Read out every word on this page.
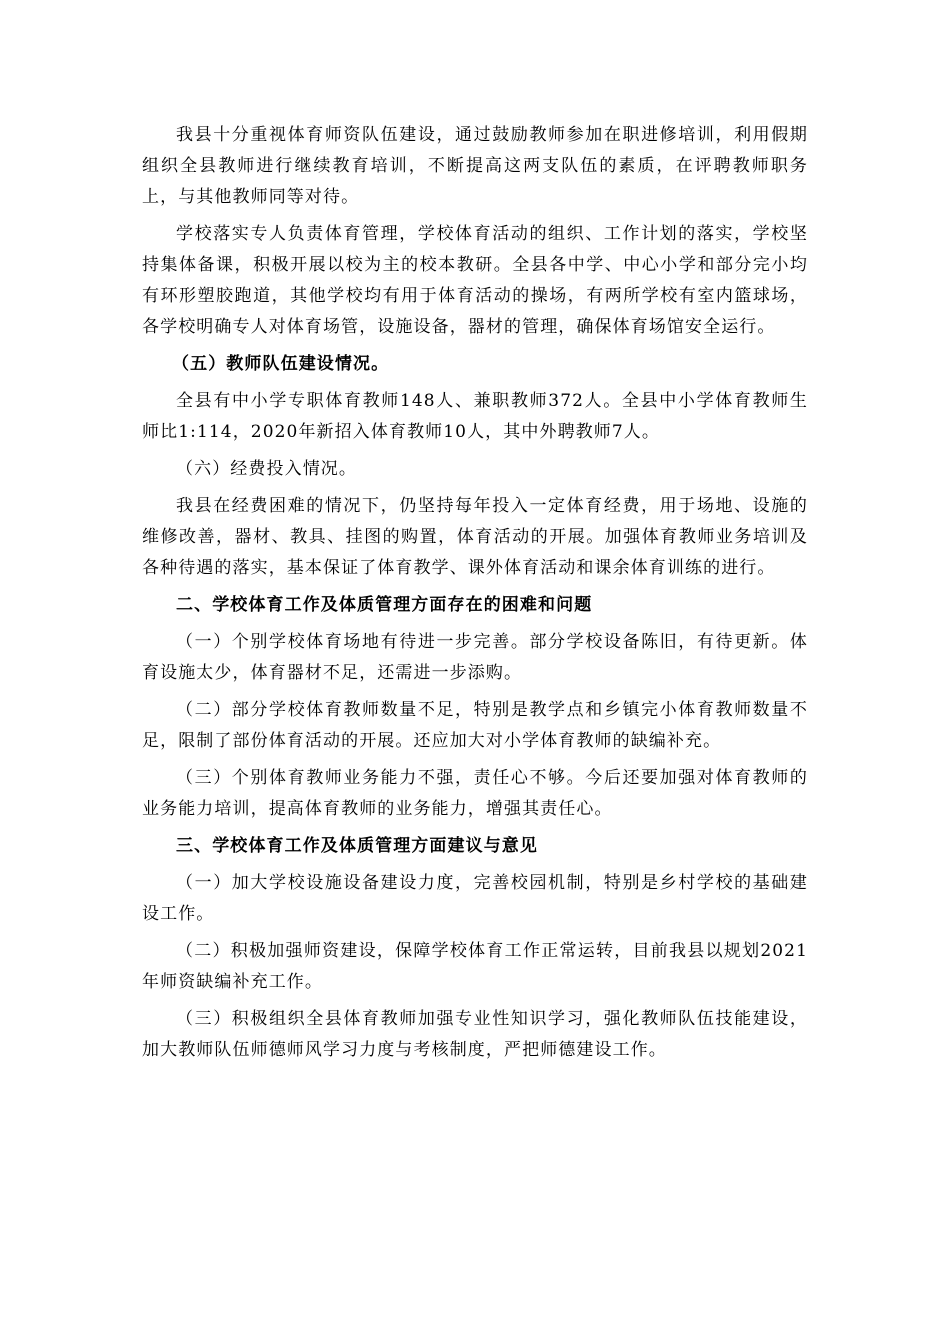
我县十分重视体育师资队伍建设，通过鼓励教师参加在职进修培训，利用假期组织全县教师进行继续教育培训，不断提高这两支队伍的素质，在评聘教师职务上，与其他教师同等对待。

学校落实专人负责体育管理，学校体育活动的组织、工作计划的落实，学校坚持集体备课，积极开展以校为主的校本教研。全县各中学、中心小学和部分完小均有环形塑胶跑道，其他学校均有用于体育活动的操场，有两所学校有室内篮球场，各学校明确专人对体育场管，设施设备，器材的管理，确保体育场馆安全运行。

（五）教师队伍建设情况。

全县有中小学专职体育教师148人、兼职教师372人。全县中小学体育教师生师比1:114，2020年新招入体育教师10人，其中外聘教师7人。

（六）经费投入情况。

我县在经费困难的情况下，仍坚持每年投入一定体育经费，用于场地、设施的维修改善，器材、教具、挂图的购置，体育活动的开展。加强体育教师业务培训及各种待遇的落实，基本保证了体育教学、课外体育活动和课余体育训练的进行。

二、学校体育工作及体质管理方面存在的困难和问题

（一）个别学校体育场地有待进一步完善。部分学校设备陈旧，有待更新。体育设施太少，体育器材不足，还需进一步添购。

（二）部分学校体育教师数量不足，特别是教学点和乡镇完小体育教师数量不足，限制了部份体育活动的开展。还应加大对小学体育教师的缺编补充。

（三）个别体育教师业务能力不强，责任心不够。今后还要加强对体育教师的业务能力培训，提高体育教师的业务能力，增强其责任心。

三、学校体育工作及体质管理方面建议与意见

（一）加大学校设施设备建设力度，完善校园机制，特别是乡村学校的基础建设工作。

（二）积极加强师资建设，保障学校体育工作正常运转，目前我县以规划2021年师资缺编补充工作。

（三）积极组织全县体育教师加强专业性知识学习，强化教师队伍技能建设，加大教师队伍师德师风学习力度与考核制度，严把师德建设工作。
